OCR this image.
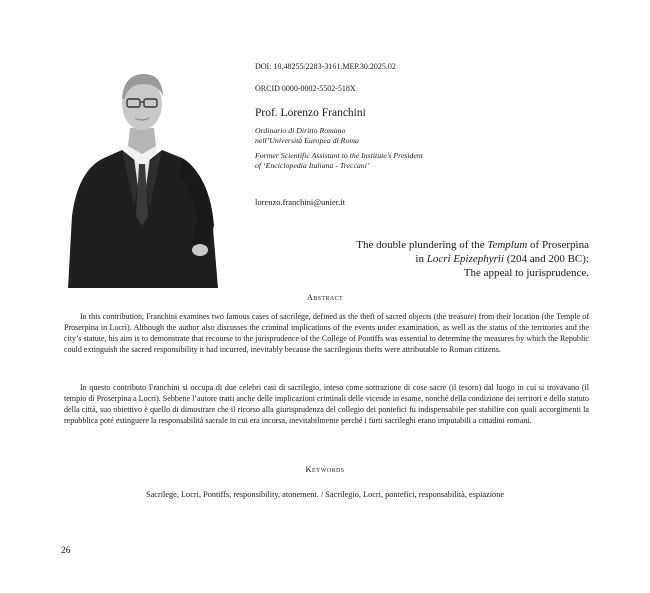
DOI: 10.48255/2283-3161.MEP.30.2025.02
ORCID 0000-0002-5502-518X
Prof. Lorenzo Franchini
Ordinario di Diritto Romano
nell’Università Europea di Roma
Former Scientific Assistant to the Institute’s President
of ‘Enciclopedia Italiana - Treccani’
lorenzo.franchini@unier.it
The double plundering of the Templum of Proserpina
in Locri Epizephyrii (204 and 200 BC):
The appeal to jurisprudence.
Abstract

In this contribution, Franchini examines two famous cases of sacrilege, defined as the theft of sacred objects (the treasure) from their location (the Temple of Proserpina in Locri). Although the author also discusses the criminal implications of the events under examination, as well as the status of the territories and the city’s statute, his aim is to demonstrate that recourse to the jurisprudence of the College of Pontiffs was essential to determine the measures by which the Republic could extinguish the sacred responsibility it had incurred, inevitably because the sacrilegious thefts were attributable to Roman citizens.

In questo contributo Franchini si occupa di due celebri casi di sacrilegio, inteso come sottrazione di cose sacre (il tesoro) dal luogo in cui si trovavano (il tempio di Proserpina a Locri). Sebbene l’autore tratti anche delle implicazioni criminali delle vicende in esame, nonché della condizione dei territori e dello statuto della città, suo obiettivo è quello di dimostrare che il ricorso alla giurisprudenza del collegio dei pontefici fu indispensabile per stabilire con quali accorgimenti la repubblica poté estinguere la responsabilità sacrale in cui era incorsa, inevitabilmente perché i furti sacrileghi erano imputabili a cittadini romani.

Keywords
Sacrilege, Locri, Pontiffs, responsibility, atonement. / Sacrilegio, Locri, pontefici, responsabilità, espiazione
26
